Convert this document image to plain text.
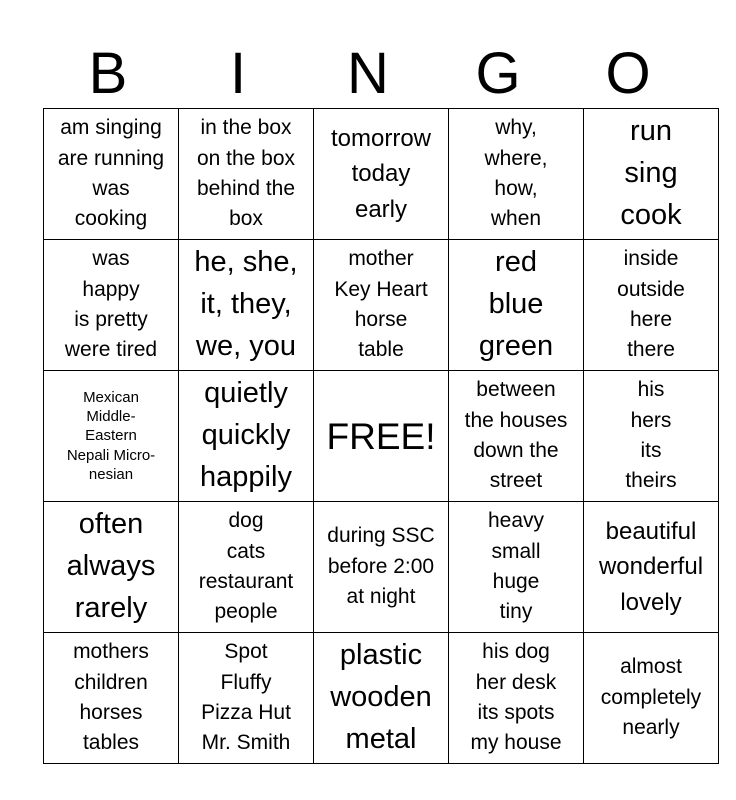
B	I	N	G	O
am singing
are running
was
cooking	in the box
on the box
behind the
box	tomorrow
today
early	why,
where,
how,
when	run
sing
cook

was
happy
is pretty
were tired	he, she,
it, they,
we, you	mother
Key Heart
horse
table	red
blue
green	inside
outside
here
there

Mexican
Middle-
Eastern
Nepali Micro-
nesian	quietly
quickly
happily	FREE!	between
the houses
down the
street	his
hers
its
theirs

often
always
rarely	dog
cats
restaurant
people	during SSC
before 2:00
at night	heavy
small
huge
tiny	beautiful
wonderful
lovely

mothers
children
horses
tables	Spot
Fluffy
Pizza Hut
Mr. Smith	plastic
wooden
metal	his dog
her desk
its spots
my house	almost
completely
nearly
